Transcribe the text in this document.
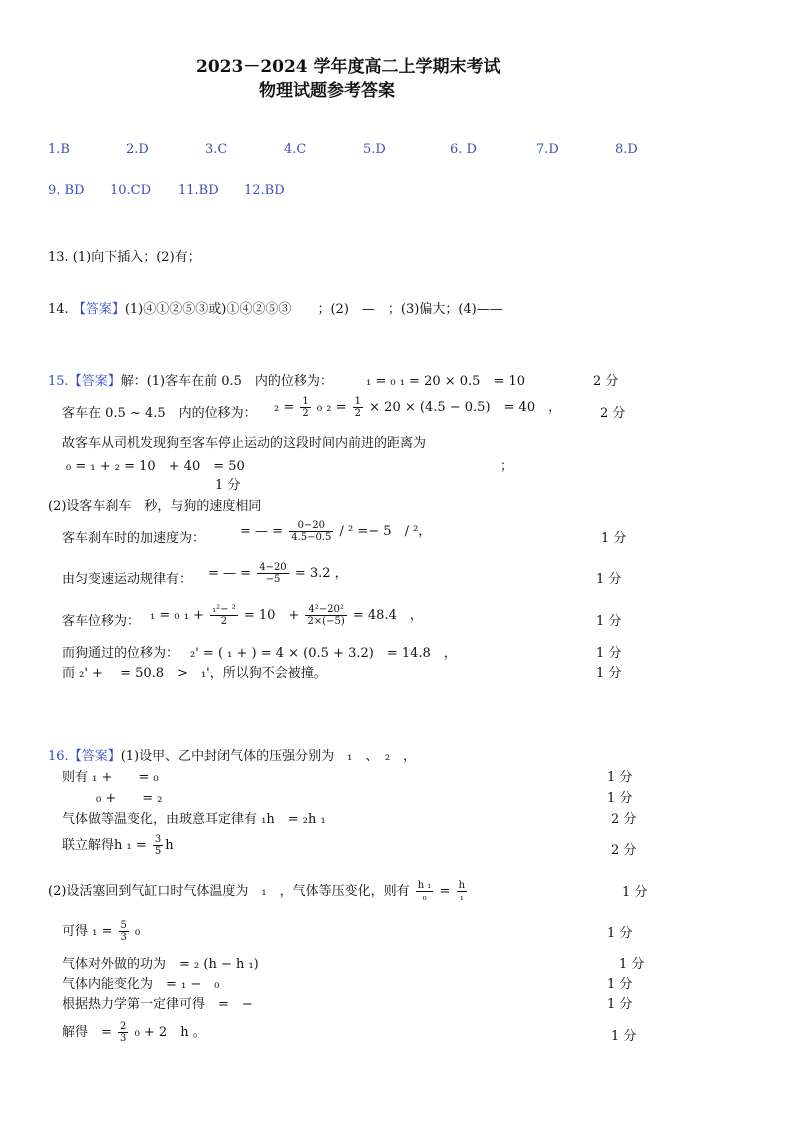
2023－2024 学年度高二上学期末考试
物理试题参考答案
1.B	2.D	3.C	4.C	5.D	6. D	7.D	8.D
9. BD 10.CD 11.BD 12.BD
13. (1)向下插入；(2)有；
14. 【答案】(1)④①②⑤③或)①④②⑤③ ；(2)　—　；(3)偏大；(4)——
15.【答案】解：(1)客车在前 0.5　内的位移为：	₁ = ₀ ₁ = 20 × 0.5　= 10	2 分
客车在 0.5 ~ 4.5　内的位移为： $_2 = \frac{1}{2} _0$ $_2 = \frac{1}{2} \times 20 \times (4.5 - 0.5)$　= 40　，	2 分
故客车从司机发现狗至客车停止运动的这段时间内前进的距离为
₀ = ₁ + ₂ = 10　+ 40　= 50	；
1 分
(2)设客车刹车　秒，与狗的速度相同
客车刹车时的加速度为：	= — = $\frac{0-20}{4.5-0.5} / ^2 =- 5$　/ ²，	1 分
由匀变速运动规律有： = — = $\frac{4-20}{-5} = 3.2$ ，	1 分
客车位移为： ₁ = ₀ $_1 + \frac{\text{₁²− ²}}{2} = 10$　+ $\frac{\text{4²−20²}}{2\times(-5)} = 48.4$　，	1 分
而狗通过的位移为： ₂' = ( ₁ + ) = 4 × (0.5 + 3.2)　= 14.8　，	1 分
而 ₂' + 　= 50.8　>　₁'，所以狗不会被撞。	1 分
16.【答案】(1)设甲、乙中封闭气体的压强分别为　₁　、　₂　，
则有 ₁ +　　= ₀	1 分
₀ +　　= ₂	1 分
气体做等温变化，由玻意耳定律有 ₁h　= ₂h ₁	2 分
联立解得h $_1 = \frac{3}{5}$ h	2 分
(2)设活塞回到气缸口时气体温度为　₁　，气体等压变化，则有 $\frac{\text{h ₁}}{\text{₀}} = \frac{h}{\text{₁}}$	1 分
可得 $_1 = \frac{5}{3} _0$	1 分
气体对外做的功为　= ₂ (h − h ₁)	1 分
气体内能变化为　= ₁ −　₀	1 分
根据热力学第一定律可得　=　−	1 分
解得　= $\frac{2}{3} _0 + 2$　h 。	1 分
